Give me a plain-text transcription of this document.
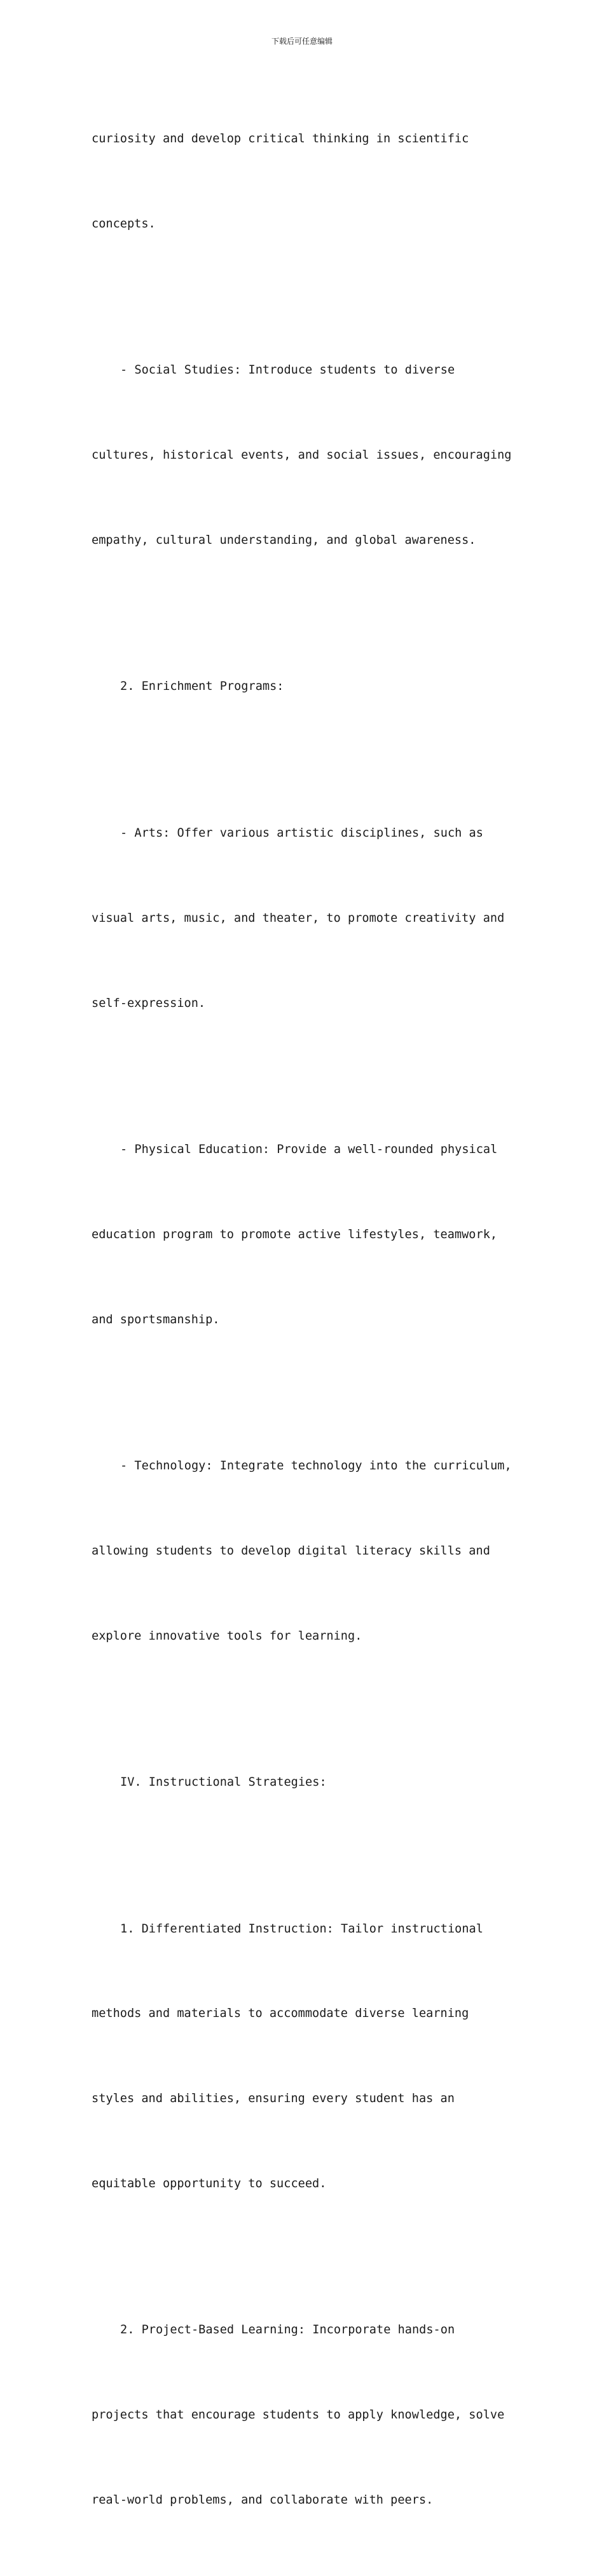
下载后可任意编辑

curiosity and develop critical thinking in scientific

concepts.

- Social Studies: Introduce students to diverse

cultures, historical events, and social issues, encouraging

empathy, cultural understanding, and global awareness.

2. Enrichment Programs:

- Arts: Offer various artistic disciplines, such as

visual arts, music, and theater, to promote creativity and

self-expression.

- Physical Education: Provide a well-rounded physical

education program to promote active lifestyles, teamwork,

and sportsmanship.

- Technology: Integrate technology into the curriculum,

allowing students to develop digital literacy skills and

explore innovative tools for learning.

IV. Instructional Strategies:

1. Differentiated Instruction: Tailor instructional

methods and materials to accommodate diverse learning

styles and abilities, ensuring every student has an

equitable opportunity to succeed.

2. Project-Based Learning: Incorporate hands-on

projects that encourage students to apply knowledge, solve

real-world problems, and collaborate with peers.
